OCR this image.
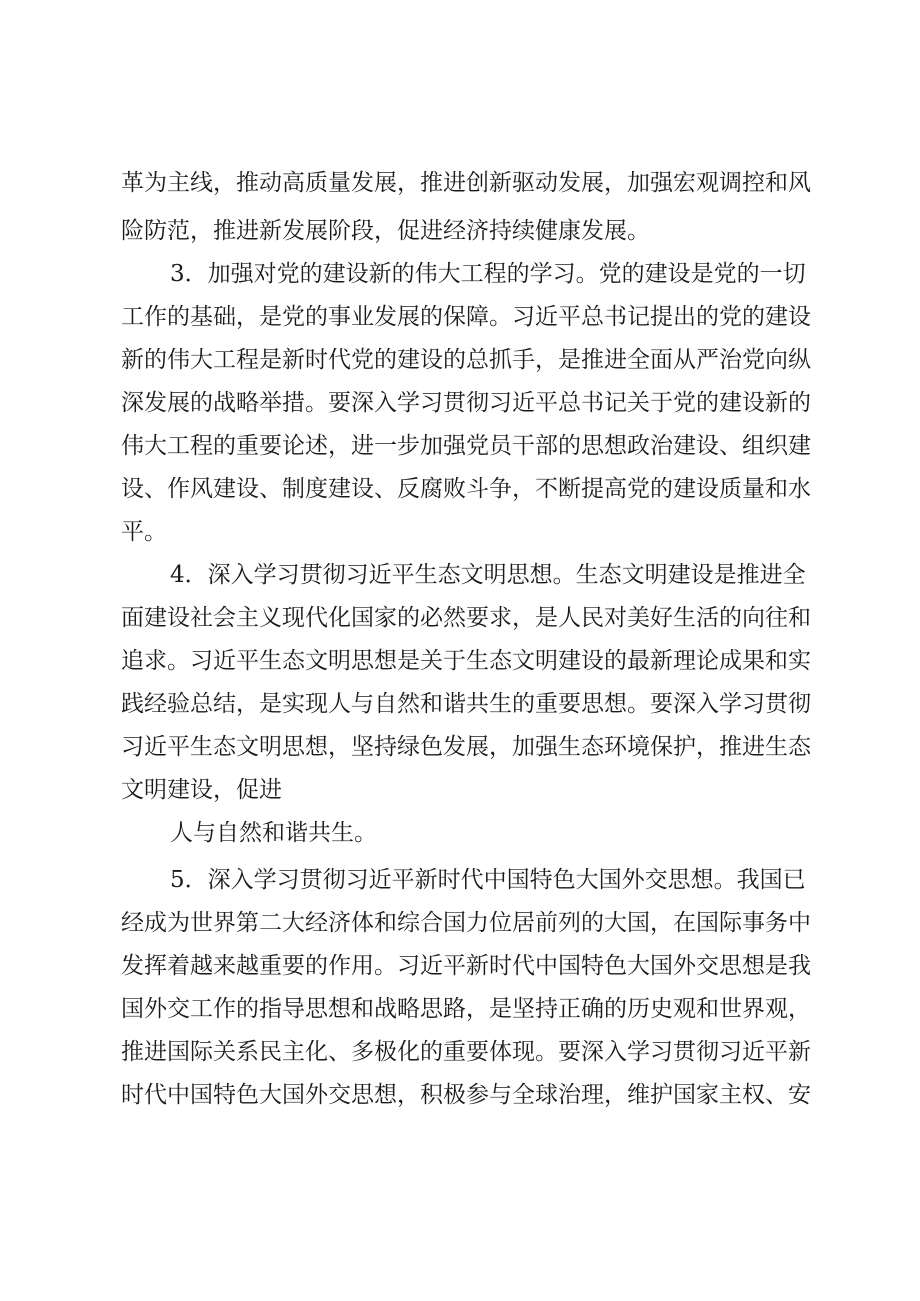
革为主线，推动高质量发展，推进创新驱动发展，加强宏观调控和风
险防范，推进新发展阶段，促进经济持续健康发展。
3．加强对党的建设新的伟大工程的学习。党的建设是党的一切
工作的基础，是党的事业发展的保障。习近平总书记提出的党的建设
新的伟大工程是新时代党的建设的总抓手，是推进全面从严治党向纵
深发展的战略举措。要深入学习贯彻习近平总书记关于党的建设新的
伟大工程的重要论述，进一步加强党员干部的思想政治建设、组织建
设、作风建设、制度建设、反腐败斗争，不断提高党的建设质量和水
平。
4．深入学习贯彻习近平生态文明思想。生态文明建设是推进全
面建设社会主义现代化国家的必然要求，是人民对美好生活的向往和
追求。习近平生态文明思想是关于生态文明建设的最新理论成果和实
践经验总结，是实现人与自然和谐共生的重要思想。要深入学习贯彻
习近平生态文明思想，坚持绿色发展，加强生态环境保护，推进生态
文明建设，促进
人与自然和谐共生。
5．深入学习贯彻习近平新时代中国特色大国外交思想。我国已
经成为世界第二大经济体和综合国力位居前列的大国，在国际事务中
发挥着越来越重要的作用。习近平新时代中国特色大国外交思想是我
国外交工作的指导思想和战略思路，是坚持正确的历史观和世界观，
推进国际关系民主化、多极化的重要体现。要深入学习贯彻习近平新
时代中国特色大国外交思想，积极参与全球治理，维护国家主权、安
